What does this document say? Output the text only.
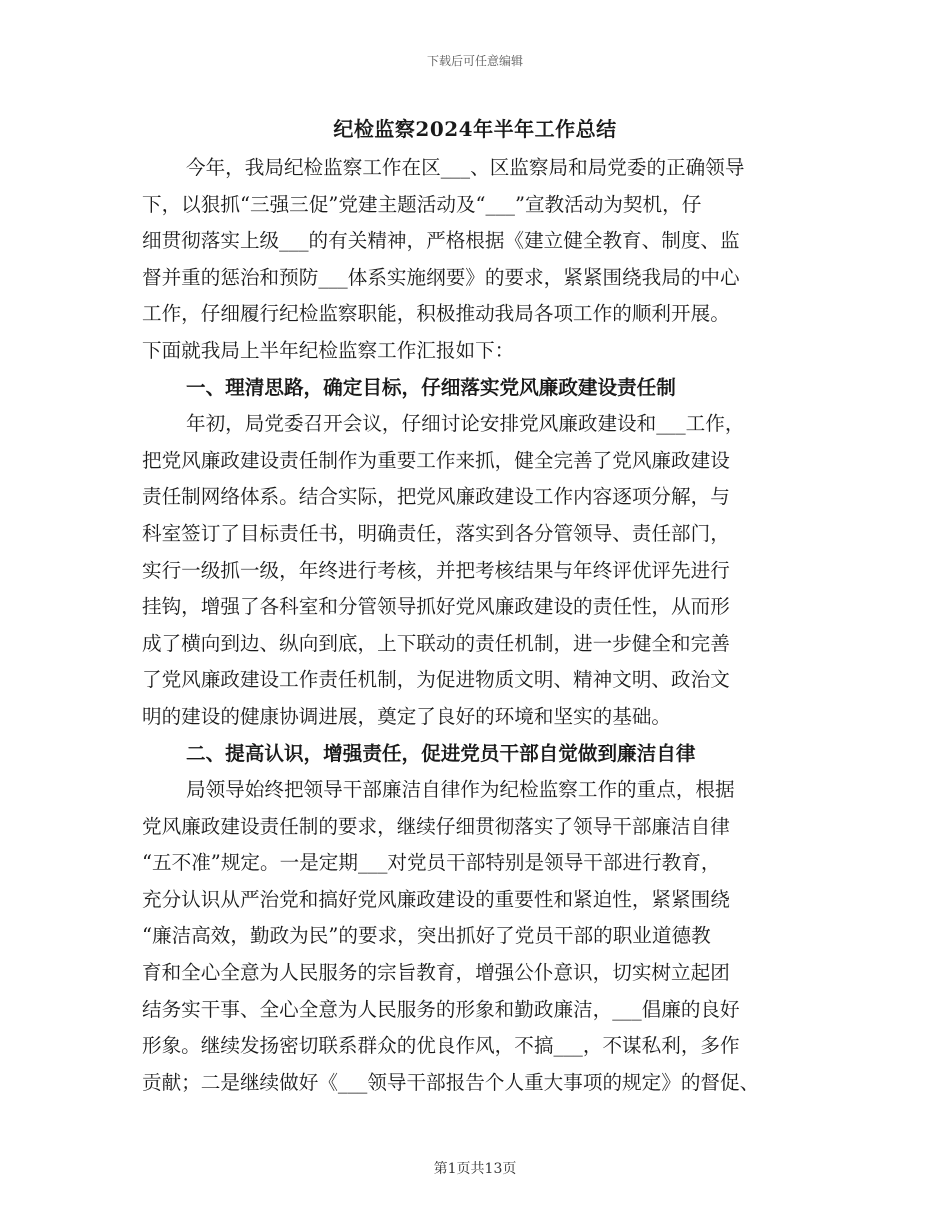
下载后可任意编辑
纪检监察2024年半年工作总结
今年，我局纪检监察工作在区___、区监察局和局党委的正确领导
下，以狠抓“三强三促”党建主题活动及“___”宣教活动为契机，仔
细贯彻落实上级___的有关精神，严格根据《建立健全教育、制度、监
督并重的惩治和预防___体系实施纲要》的要求，紧紧围绕我局的中心
工作，仔细履行纪检监察职能，积极推动我局各项工作的顺利开展。
下面就我局上半年纪检监察工作汇报如下：
一、理清思路，确定目标，仔细落实党风廉政建设责任制
年初，局党委召开会议，仔细讨论安排党风廉政建设和___工作，
把党风廉政建设责任制作为重要工作来抓，健全完善了党风廉政建设
责任制网络体系。结合实际，把党风廉政建设工作内容逐项分解，与
科室签订了目标责任书，明确责任，落实到各分管领导、责任部门，
实行一级抓一级，年终进行考核，并把考核结果与年终评优评先进行
挂钩，增强了各科室和分管领导抓好党风廉政建设的责任性，从而形
成了横向到边、纵向到底，上下联动的责任机制，进一步健全和完善
了党风廉政建设工作责任机制，为促进物质文明、精神文明、政治文
明的建设的健康协调进展，奠定了良好的环境和坚实的基础。
二、提高认识，增强责任，促进党员干部自觉做到廉洁自律
局领导始终把领导干部廉洁自律作为纪检监察工作的重点，根据
党风廉政建设责任制的要求，继续仔细贯彻落实了领导干部廉洁自律
“五不准”规定。一是定期___对党员干部特别是领导干部进行教育，
充分认识从严治党和搞好党风廉政建设的重要性和紧迫性，紧紧围绕
“廉洁高效，勤政为民”的要求，突出抓好了党员干部的职业道德教
育和全心全意为人民服务的宗旨教育，增强公仆意识，切实树立起团
结务实干事、全心全意为人民服务的形象和勤政廉洁，___倡廉的良好
形象。继续发扬密切联系群众的优良作风，不搞___，不谋私利，多作
贡献；二是继续做好《___领导干部报告个人重大事项的规定》的督促、
第1页共13页
